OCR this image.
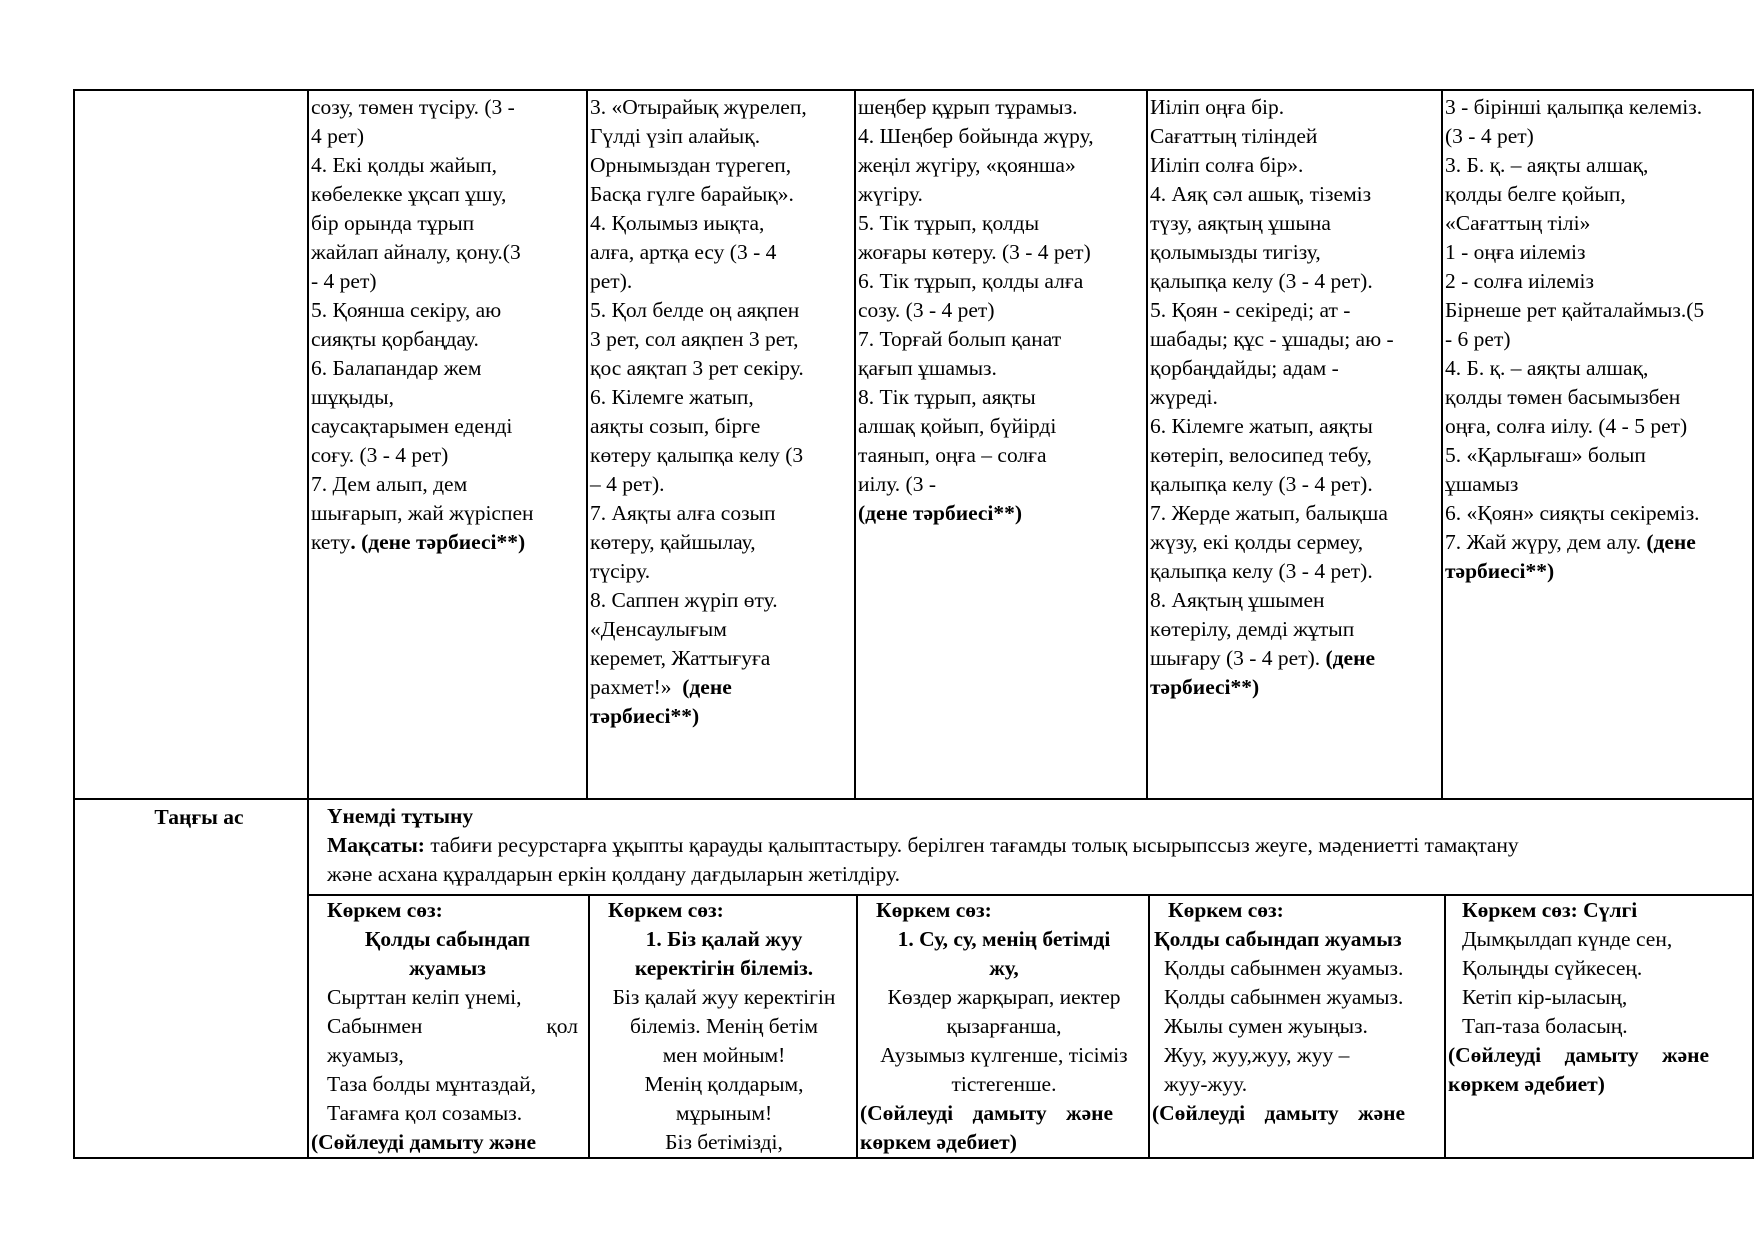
Таңғы ас
созу, төмен түсіру. (3 -
4 рет)
4. Екі қолды жайып,
көбелекке ұқсап ұшу,
бір орында тұрып
жайлап айналу, қону.(3
- 4 рет)
5. Қоянша секіру, аю
сияқты қорбаңдау.
6. Балапандар жем
шұқыды,
саусақтарымен еденді
соғу. (3 - 4 рет)
7. Дем алып, дем
шығарып, жай жүріспен
кету. (дене тәрбиесі**)
3. «Отырайық жүрелеп,
Гүлді үзіп алайық.
Орнымыздан түрегеп,
Басқа гүлге барайық».
4. Қолымыз иықта,
алға, артқа есу (3 - 4
рет).
5. Қол белде оң аяқпен
3 рет, сол аяқпен 3 рет,
қос аяқтап 3 рет секіру.
6. Кілемге жатып,
аяқты созып, бірге
көтеру қалыпқа келу (3
– 4 рет).
7. Аяқты алға созып
көтеру, қайшылау,
түсіру.
8. Саппен жүріп өту.
«Денсаулығым
керемет, Жаттығуға
рахмет!»  (дене
тәрбиесі**)
шеңбер құрып тұрамыз.
4. Шеңбер бойында жүру,
жеңіл жүгіру, «қоянша»
жүгіру.
5. Тік тұрып, қолды
жоғары көтеру. (3 - 4 рет)
6. Тік тұрып, қолды алға
созу. (3 - 4 рет)
7. Торғай болып қанат
қағып ұшамыз.
8. Тік тұрып, аяқты
алшақ қойып, бүйірді
таянып, оңға – солға
иілу. (3 -
(дене тәрбиесі**)
Иіліп оңға бір.
Сағаттың тіліндей
Иіліп солға бір».
4. Аяқ сәл ашық, тіземіз
түзу, аяқтың ұшына
қолымызды тигізу,
қалыпқа келу (3 - 4 рет).
5. Қоян - секіреді; ат -
шабады; құс - ұшады; аю -
қорбаңдайды; адам -
жүреді.
6. Кілемге жатып, аяқты
көтеріп, велосипед тебу,
қалыпқа келу (3 - 4 рет).
7. Жерде жатып, балықша
жүзу, екі қолды сермеу,
қалыпқа келу (3 - 4 рет).
8. Аяқтың ұшымен
көтерілу, демді жұтып
шығару (3 - 4 рет). (дене
тәрбиесі**)
3 - бірінші қалыпқа келеміз.
(3 - 4 рет)
3. Б. қ. – аяқты алшақ,
қолды белге қойып,
«Сағаттың тілі»
1 - оңға иілеміз
2 - солға иілеміз
Бірнеше рет қайталаймыз.(5
- 6 рет)
4. Б. қ. – аяқты алшақ,
қолды төмен басымызбен
оңға, солға иілу. (4 - 5 рет)
5. «Қарлығаш» болып
ұшамыз
6. «Қоян» сияқты секіреміз.
7. Жай жүру, дем алу. (дене
тәрбиесі**)
Үнемді тұтыну
Мақсаты: табиғи ресурстарға ұқыпты қарауды қалыптастыру. берілген тағамды толық ысырыпссыз жеуге, мәдениетті тамақтану
және асхана құралдарын еркін қолдану дағдыларын жетілдіру.
Көркем сөз:
Қолды сабындап
жуамыз
Сырттан келіп үнемі,
Сабынмен	қол
жуамыз,
Таза болды мұнтаздай,
Тағамға қол созамыз.
(Сөйлеуді дамыту және
Көркем сөз:
1. Біз қалай жуу
керектігін білеміз.
Біз қалай жуу керектігін
білеміз. Менің бетім
мен мойным!
Менің қолдарым,
мұрыным!
Біз бетімізді,
Көркем сөз:
1. Су, су, менің бетімді
жу,
Көздер жарқырап, иектер
қызарғанша,
Аузымыз күлгенше, тісіміз
тістегенше.
(Сөйлеуді дамыту және
көркем әдебиет)
Көркем сөз:
Қолды сабындап жуамыз
Қолды сабынмен жуамыз.
Қолды сабынмен жуамыз.
Жылы сумен жуыңыз.
Жуу, жуу,жуу, жуу –
жуу-жуу.
(Сөйлеуді дамыту және
Көркем сөз: Сүлгі
Дымқылдап күнде сен,
Қолыңды сүйкесең.
Кетіп кір-ыласың,
Тап-таза боласың.
(Сөйлеуді дамыту және
көркем әдебиет)
